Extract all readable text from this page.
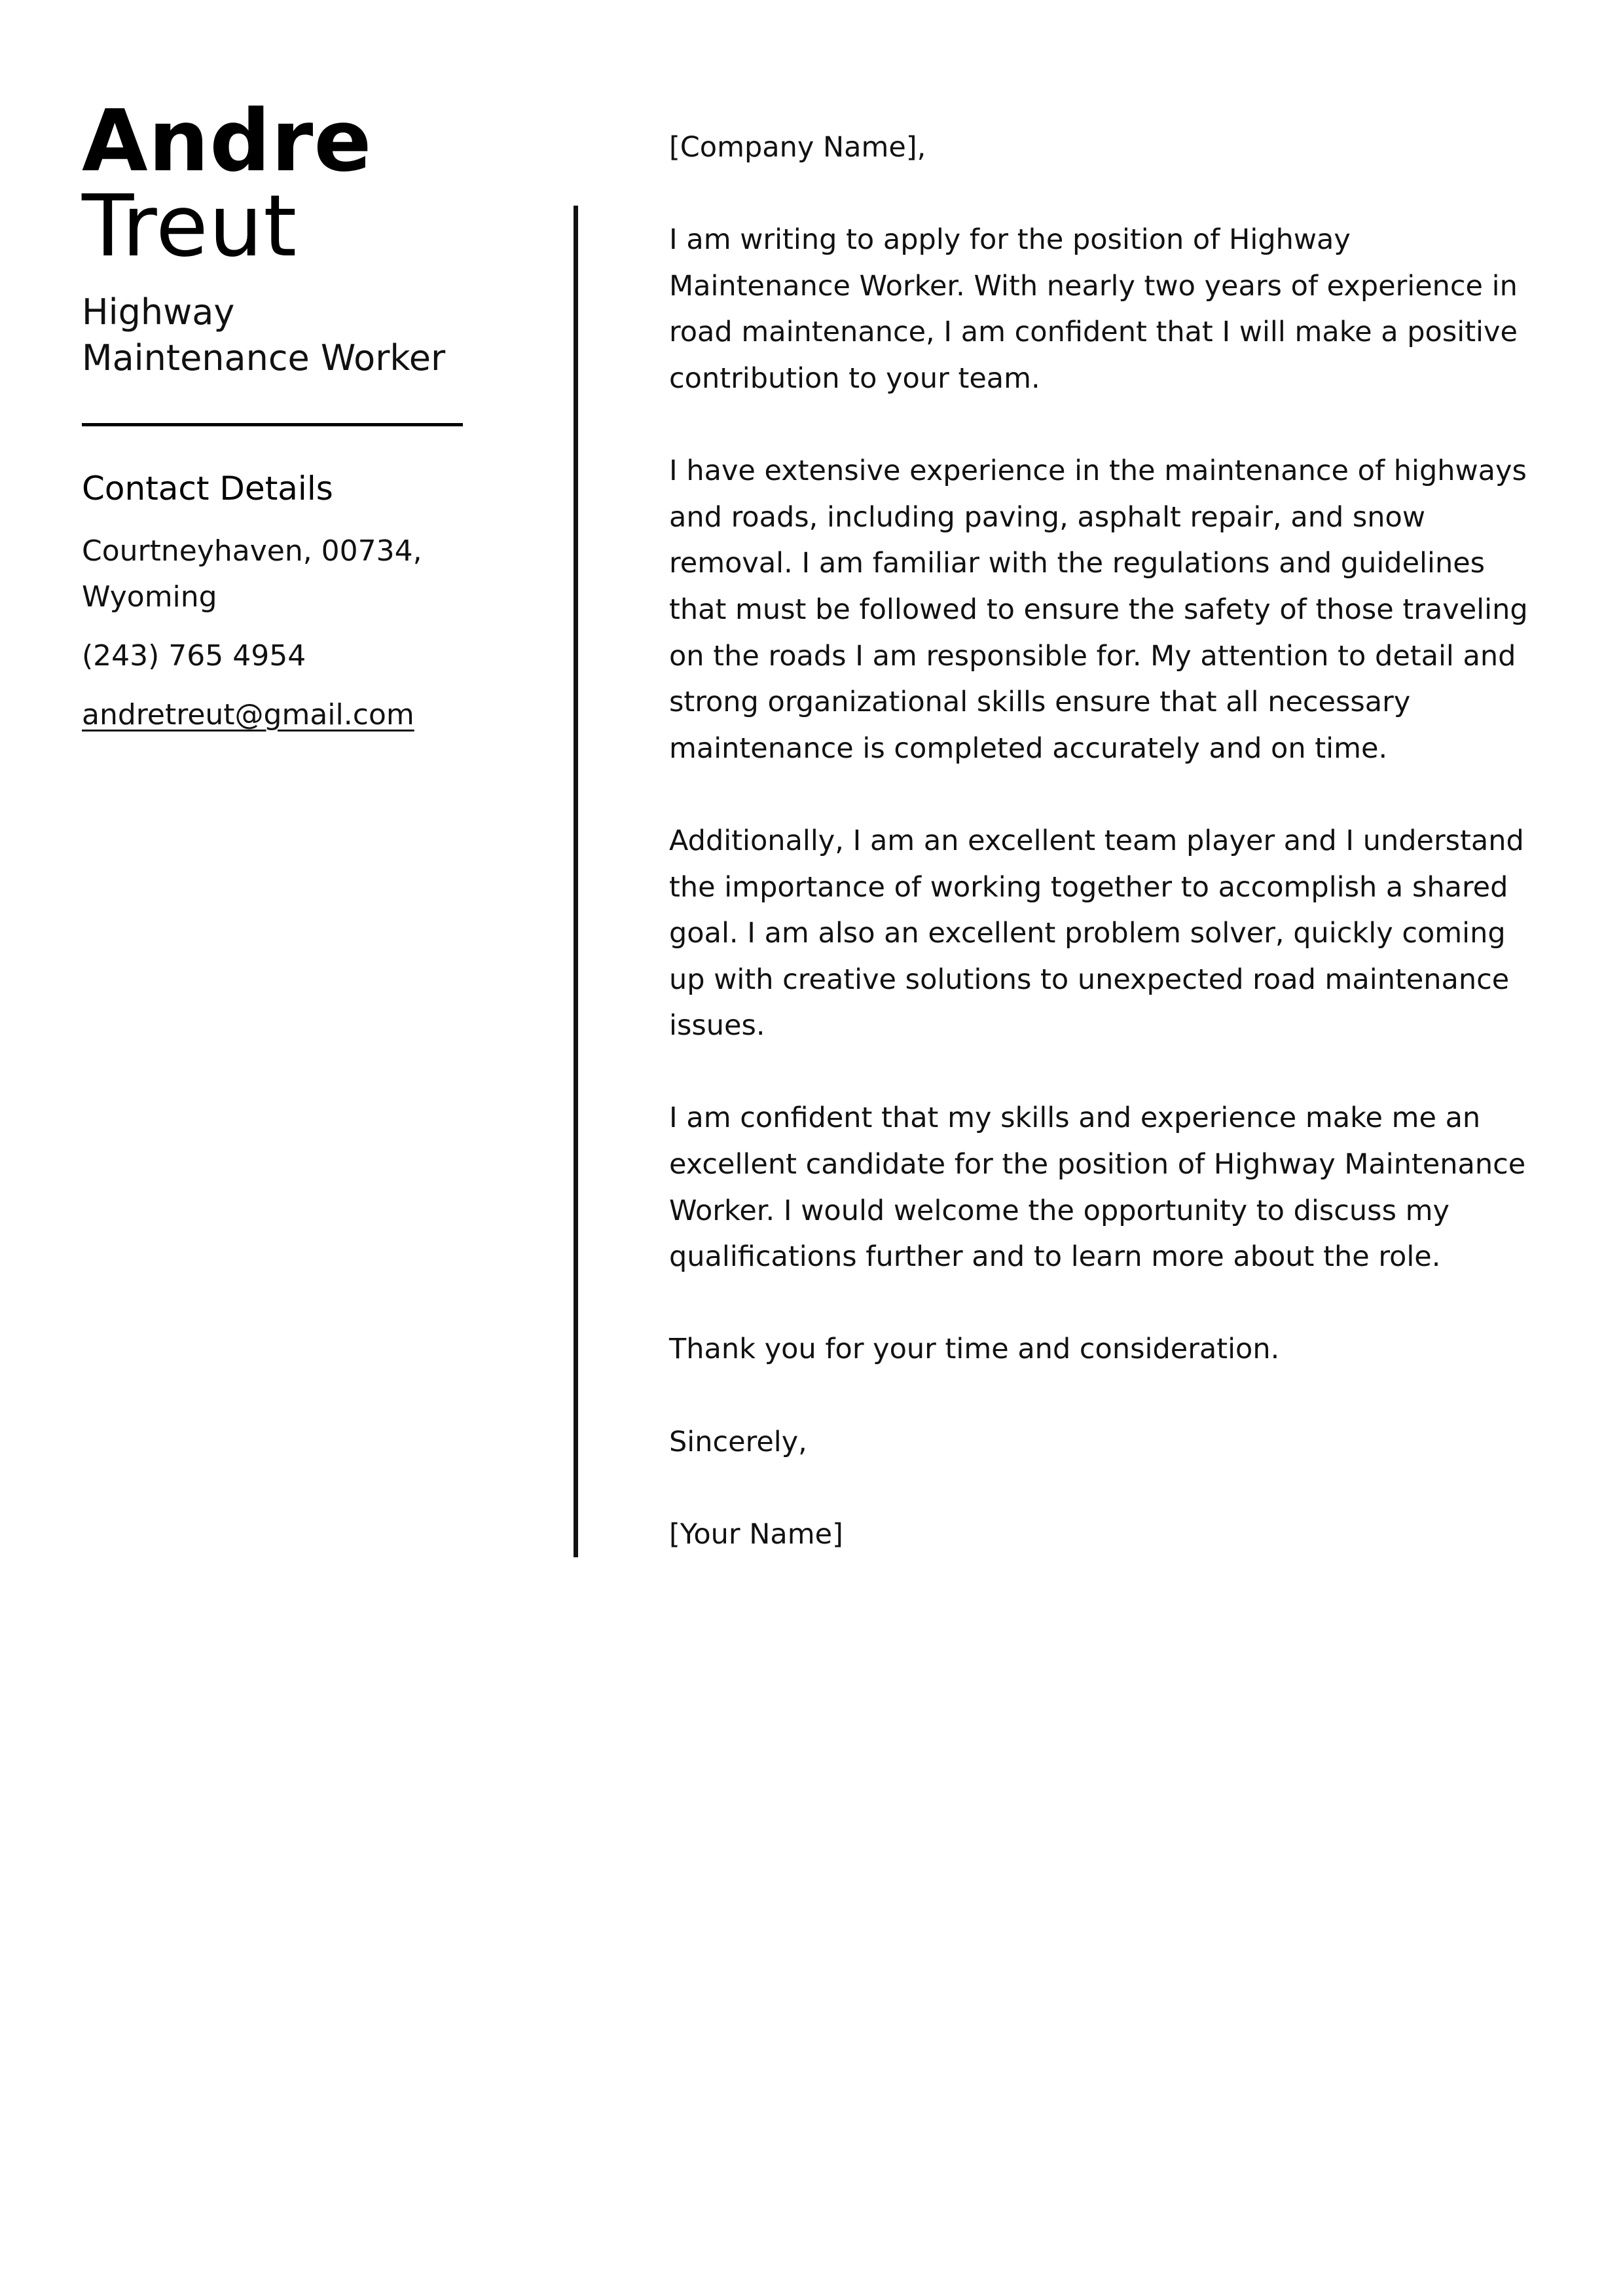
Andre
Treut
Highway
Maintenance Worker
Contact Details
Courtneyhaven, 00734,
Wyoming
(243) 765 4954
andretreut@gmail.com

[Company Name],

I am writing to apply for the position of Highway Maintenance Worker. With nearly two years of experience in road maintenance, I am confident that I will make a positive contribution to your team.

I have extensive experience in the maintenance of highways and roads, including paving, asphalt repair, and snow removal. I am familiar with the regulations and guidelines that must be followed to ensure the safety of those traveling on the roads I am responsible for. My attention to detail and strong organizational skills ensure that all necessary maintenance is completed accurately and on time.

Additionally, I am an excellent team player and I understand the importance of working together to accomplish a shared goal. I am also an excellent problem solver, quickly coming up with creative solutions to unexpected road maintenance issues.

I am confident that my skills and experience make me an excellent candidate for the position of Highway Maintenance Worker. I would welcome the opportunity to discuss my qualifications further and to learn more about the role.

Thank you for your time and consideration.

Sincerely,

[Your Name]
